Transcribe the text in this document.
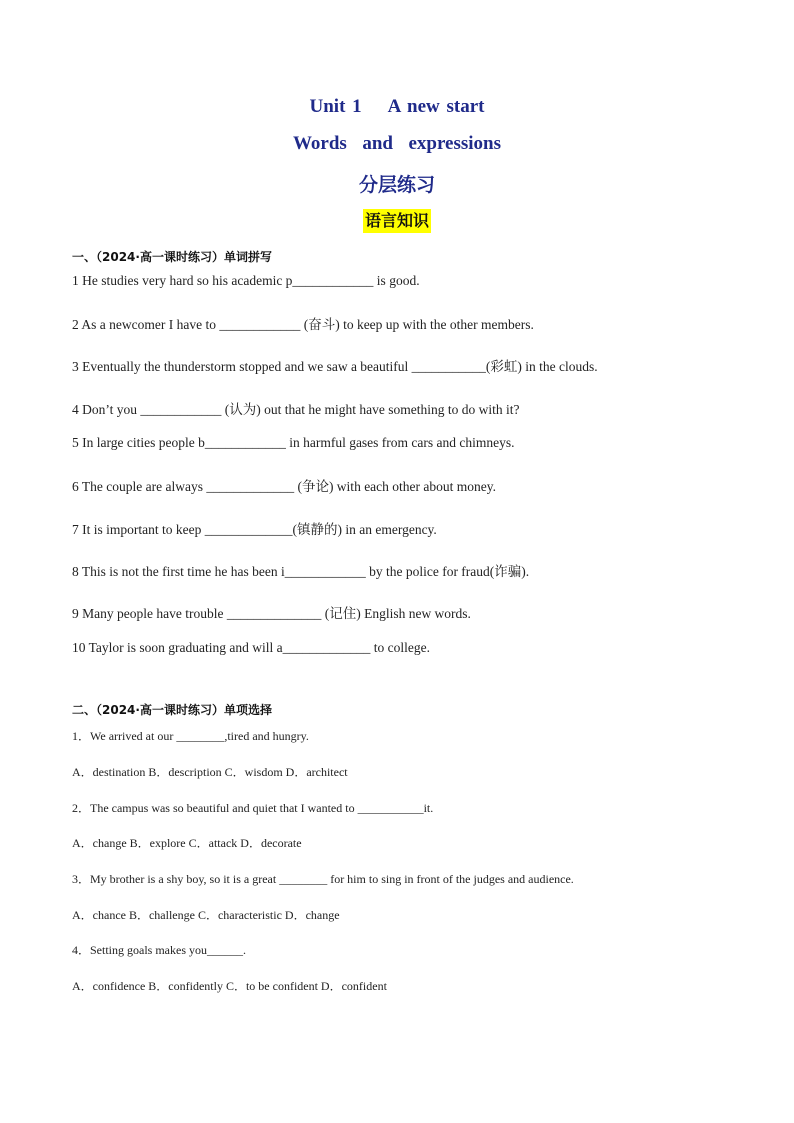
Unit 1    A new start
Words  and  expressions
分层练习
语言知识
一、（2024·高一课时练习）单词拼写
1 He studies very hard so his academic p____________ is good.
2 As a newcomer I have to ____________ (奋斗) to keep up with the other members.
3 Eventually the thunderstorm stopped and we saw a beautiful ___________(彩虹) in the clouds.
4 Don’t you ____________ (认为) out that he might have something to do with it?
5 In large cities people b____________ in harmful gases from cars and chimneys.
6 The couple are always _____________ (争论) with each other about money.
7 It is important to keep _____________(镇静的) in an emergency.
8 This is not the first time he has been i____________ by the police for fraud(诈骗).
9 Many people have trouble ______________ (记住) English new words.
10 Taylor is soon graduating and will a_____________ to college.
二、（2024·高一课时练习）单项选择
1．We arrived at our ________,tired and hungry.
A．destination B．description C．wisdom D．architect
2．The campus was so beautiful and quiet that I wanted to ___________it.
A．change B．explore C．attack D．decorate
3．My brother is a shy boy, so it is a great ________ for him to sing in front of the judges and audience.
A．chance B．challenge C．characteristic D．change
4．Setting goals makes you______.
A．confidence B．confidently C．to be confident D．confident
